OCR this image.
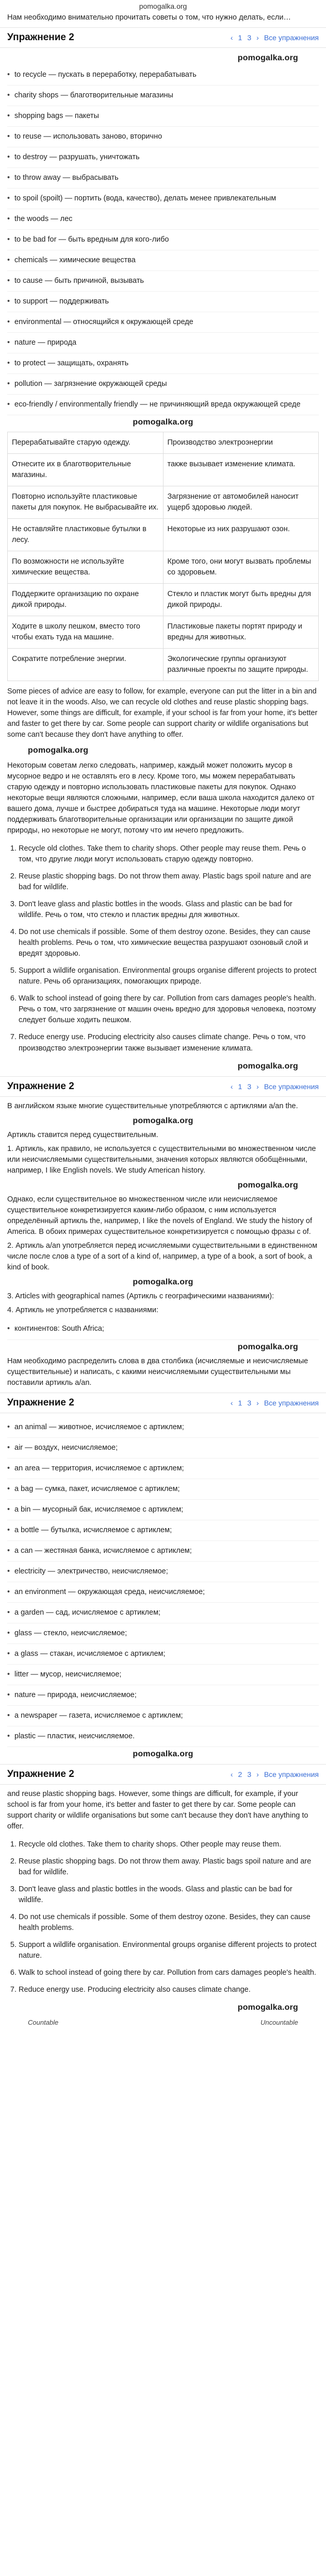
pomogalka.org
Нам необходимо внимательно прочитать советы о том, что нужно делать, если…
Упражнение 2	‹ 1 3 › Все упражнения
pomogalka.org
• to recycle — пускать в переработку, перерабатывать
• charity shops — благотворительные магазины
• shopping bags — пакеты
• to reuse — использовать заново, вторично
• to destroy — разрушать, уничтожать
• to throw away — выбрасывать
• to spoil (spoilt) — портить (вода, качество), делать менее привлекательным
• the woods — лес
• to be bad for — быть вредным для кого-либо
• chemicals — химические вещества
• to cause — быть причиной, вызывать
• to support — поддерживать
• environmental — относящийся к окружающей среде
• nature — природа
• to protect — защищать, охранять
• pollution — загрязнение окружающей среды
• eco-friendly / environmentally friendly — не причиняющий вреда окружающей среде
pomogalka.org
Перерабатывайте старую одежду.	Производство электроэнергии
Отнесите их в благотворительные магазины.	также вызывает изменение климата.
Повторно используйте пластиковые пакеты для покупок. Не выбрасывайте их.	Загрязнение от автомобилей наносит ущерб здоровью людей.
Не оставляйте пластиковые бутылки в лесу.	Некоторые из них разрушают озон.
По возможности не используйте химические вещества.	Кроме того, они могут вызвать проблемы со здоровьем.
Поддержите организацию по охране дикой природы.	Стекло и пластик могут быть вредны для дикой природы.
Ходите в школу пешком, вместо того чтобы ехать туда на машине.	Пластиковые пакеты портят природу и вредны для животных.
Сократите потребление энергии.	Экологические группы организуют различные проекты по защите природы.

Some pieces of advice are easy to follow, for example, everyone can put the litter in a bin and not leave it in the woods. Also, we can recycle old clothes and reuse plastic shopping bags. However, some things are difficult, for example, if your school is far from your home, it's better and faster to get there by car. Some people can support charity or wildlife organisations but some can't because they don't have anything to offer.

pomogalka.org

Некоторым советам легко следовать, например, каждый может положить мусор в мусорное ведро и не оставлять его в лесу. Кроме того, мы можем перерабатывать старую одежду и повторно использовать пластиковые пакеты для покупок. Однако некоторые вещи являются сложными, например, если ваша школа находится далеко от вашего дома, лучше и быстрее добираться туда на машине. Некоторые люди могут поддерживать благотворительные организации или организации по защите дикой природы, но некоторые не могут, потому что им нечего предложить.

1. Recycle old clothes. Take them to charity shops. Other people may reuse them. Речь о том, что другие люди могут использовать старую одежду повторно.
2. Reuse plastic shopping bags. Do not throw them away. Plastic bags spoil nature and are bad for wildlife.
3. Don't leave glass and plastic bottles in the woods. Glass and plastic can be bad for wildlife. Речь о том, что стекло и пластик вредны для животных.
4. Do not use chemicals if possible. Some of them destroy ozone. Besides, they can cause health problems. Речь о том, что химические вещества разрушают озоновый слой и вредят здоровью.
5. Support a wildlife organisation. Environmental groups organise different projects to protect nature. Речь об организациях, помогающих природе.
6. Walk to school instead of going there by car. Pollution from cars damages people's health. Речь о том, что загрязнение от машин очень вредно для здоровья человека, поэтому следует больше ходить пешком.
7. Reduce energy use. Producing electricity also causes climate change. Речь о том, что производство электроэнергии также вызывает изменение климата.
pomogalka.org
Упражнение 2	‹ 1 3 › Все упражнения

В английском языке многие существительные употребляются с артиклями a/an the.

pomogalka.org

Артикль ставится перед существительным.

1. Артикль, как правило, не используется с существительными во множественном числе или неисчисляемыми существительными, значения которых являются обобщёнными, например, I like English novels. We study American history.

pomogalka.org

Однако, если существительное во множественном числе или неисчисляемое существительное конкретизируется каким-либо образом, с ним используется определённый артикль the, например, I like the novels of England. We study the history of America. В обоих примерах существительное конкретизируется с помощью фразы с of.

2. Артикль a/an употребляется перед исчисляемыми существительными в единственном числе после слов a type of a sort of a kind of, например, a type of a book, a sort of book, a kind of book.

pomogalka.org

3. Articles with geographical names (Артикль с географическими названиями):

4. Артикль не употребляется с названиями:

• континентов: South Africa;
pomogalka.org

Нам необходимо распределить слова в два столбика (исчисляемые и неисчисляемые существительные) и написать, с какими неисчисляемыми существительными мы поставили артикль a/an.

Упражнение 2	‹ 1 3 › Все упражнения
• an animal — животное, исчисляемое с артиклем;
• air — воздух, неисчисляемое;
• an area — территория, исчисляемое с артиклем;
• a bag — сумка, пакет, исчисляемое с артиклем;
• a bin — мусорный бак, исчисляемое с артиклем;
• a bottle — бутылка, исчисляемое с артиклем;
• a can — жестяная банка, исчисляемое с артиклем;
• electricity — электричество, неисчисляемое;
• an environment — окружающая среда, неисчисляемое;
• a garden — сад, исчисляемое с артиклем;
• glass — стекло, неисчисляемое;
• a glass — стакан, исчисляемое с артиклем;
• litter — мусор, неисчисляемое;
• nature — природа, неисчисляемое;
• a newspaper — газета, исчисляемое с артиклем;
• plastic — пластик, неисчисляемое.
pomogalka.org
Упражнение 2	‹ 2 3 › Все упражнения

and reuse plastic shopping bags. However, some things are difficult, for example, if your school is far from your home, it's better and faster to get there by car. Some people can support charity or wildlife organisations but some can't because they don't have anything to offer.

1. Recycle old clothes. Take them to charity shops. Other people may reuse them.
2. Reuse plastic shopping bags. Do not throw them away. Plastic bags spoil nature and are bad for wildlife.
3. Don't leave glass and plastic bottles in the woods. Glass and plastic can be bad for wildlife.
4. Do not use chemicals if possible. Some of them destroy ozone. Besides, they can cause health problems.
5. Support a wildlife organisation. Environmental groups organise different projects to protect nature.
6. Walk to school instead of going there by car. Pollution from cars damages people's health.
7. Reduce energy use. Producing electricity also causes climate change.
pomogalka.org
Countable	Uncountable
